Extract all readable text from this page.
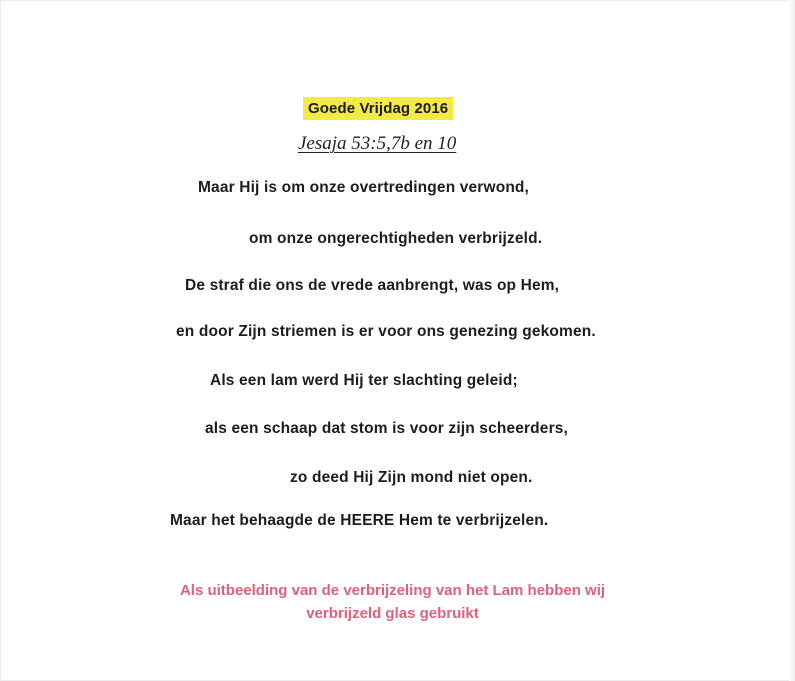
Goede Vrijdag 2016
Jesaja 53:5,7b en 10
Maar Hij is om onze overtredingen verwond,
om onze ongerechtigheden verbrijzeld.
De straf die ons de vrede aanbrengt, was op Hem,
en door Zijn striemen is er voor ons genezing gekomen.
Als een lam werd Hij ter slachting geleid;
als een schaap dat stom is voor zijn scheerders,
zo deed Hij Zijn mond niet open.
Maar het behaagde de HEERE Hem te verbrijzelen.
Als uitbeelding van de verbrijzeling van het Lam hebben wij
verbrijzeld glas gebruikt
